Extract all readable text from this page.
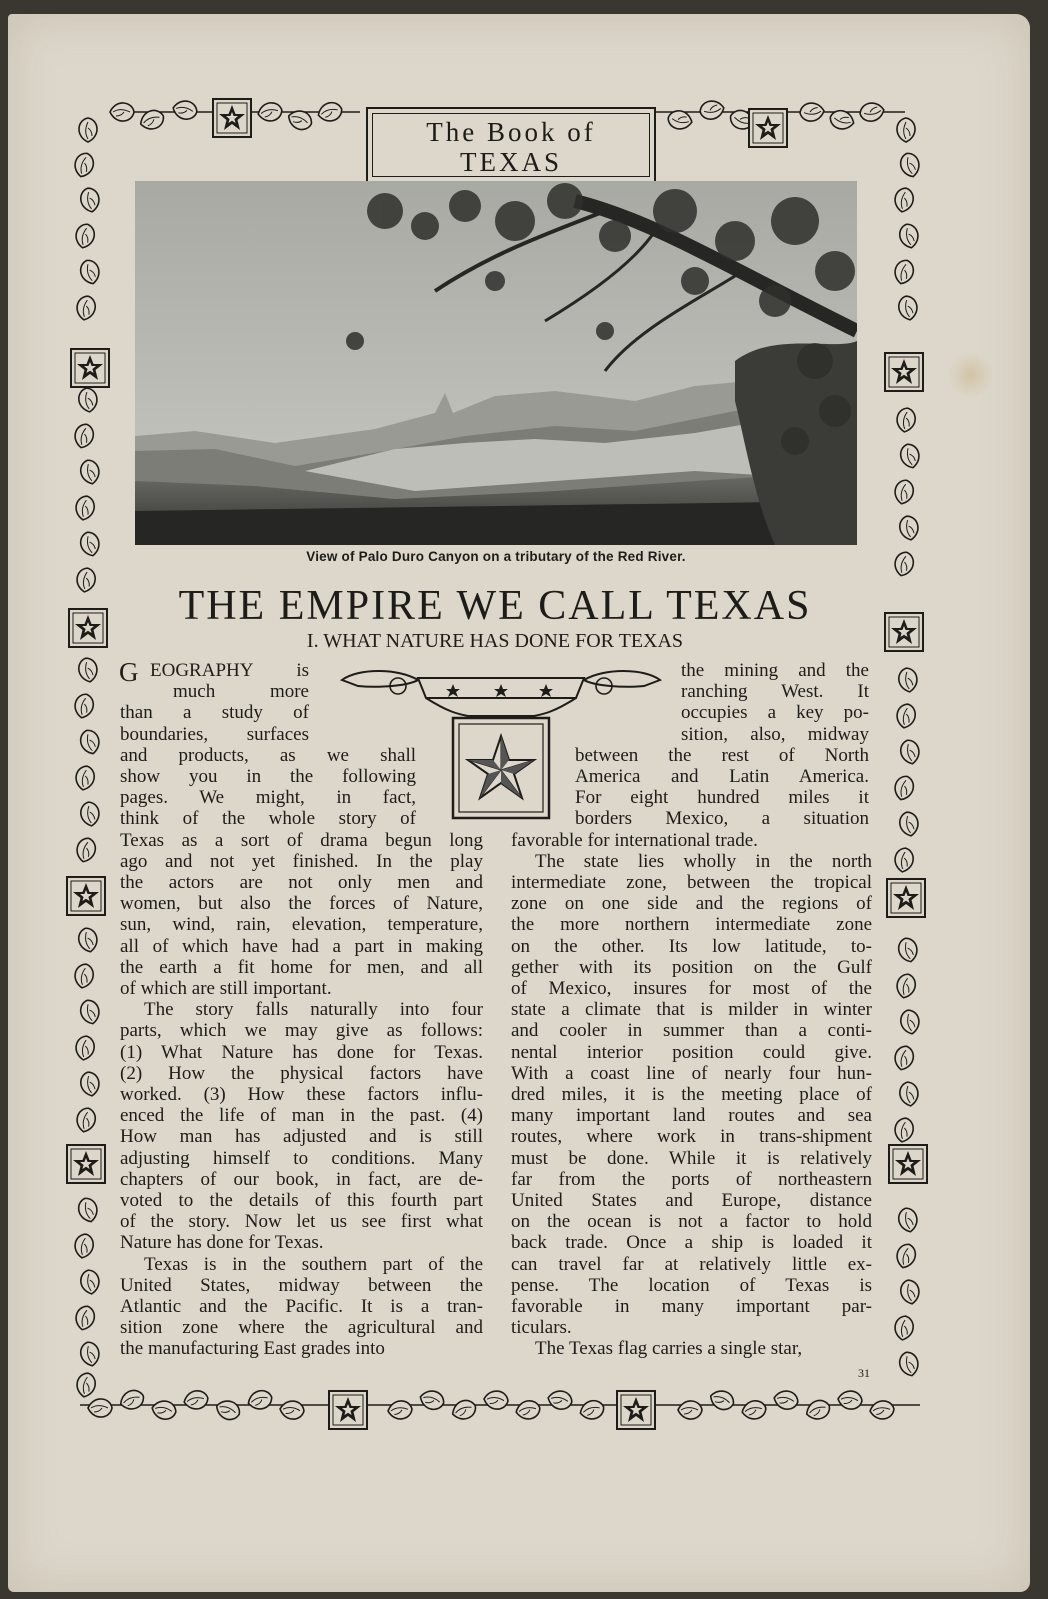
The Book of
TEXAS
View of Palo Duro Canyon on a tributary of the Red River.
THE EMPIRE WE CALL TEXAS
I. WHAT NATURE HAS DONE FOR TEXAS
EOGRAPHY is
much more
than a study of
boundaries, surfaces
and products, as we shall
show you in the following
pages. We might, in fact,
think of the whole story of
Texas as a sort of drama begun long
ago and not yet finished. In the play
the actors are not only men and
women, but also the forces of Nature,
sun, wind, rain, elevation, temperature,
all of which have had a part in making
the earth a fit home for men, and all
of which are still important.
The story falls naturally into four
parts, which we may give as follows:
(1) What Nature has done for Texas.
(2) How the physical factors have
worked. (3) How these factors influ-
enced the life of man in the past. (4)
How man has adjusted and is still
adjusting himself to conditions. Many
chapters of our book, in fact, are de-
voted to the details of this fourth part
of the story. Now let us see first what
Nature has done for Texas.
Texas is in the southern part of the
United States, midway between the
Atlantic and the Pacific. It is a tran-
sition zone where the agricultural and
the manufacturing East grades into
the mining and the
ranching West. It
occupies a key po-
sition, also, midway
between the rest of North
America and Latin America.
For eight hundred miles it
borders Mexico, a situation
favorable for international trade.
The state lies wholly in the north
intermediate zone, between the tropical
zone on one side and the regions of
the more northern intermediate zone
on the other. Its low latitude, to-
gether with its position on the Gulf
of Mexico, insures for most of the
state a climate that is milder in winter
and cooler in summer than a conti-
nental interior position could give.
With a coast line of nearly four hun-
dred miles, it is the meeting place of
many important land routes and sea
routes, where work in trans-shipment
must be done. While it is relatively
far from the ports of northeastern
United States and Europe, distance
on the ocean is not a factor to hold
back trade. Once a ship is loaded it
can travel far at relatively little ex-
pense. The location of Texas is
favorable in many important par-
ticulars.
The Texas flag carries a single star,
G
31
